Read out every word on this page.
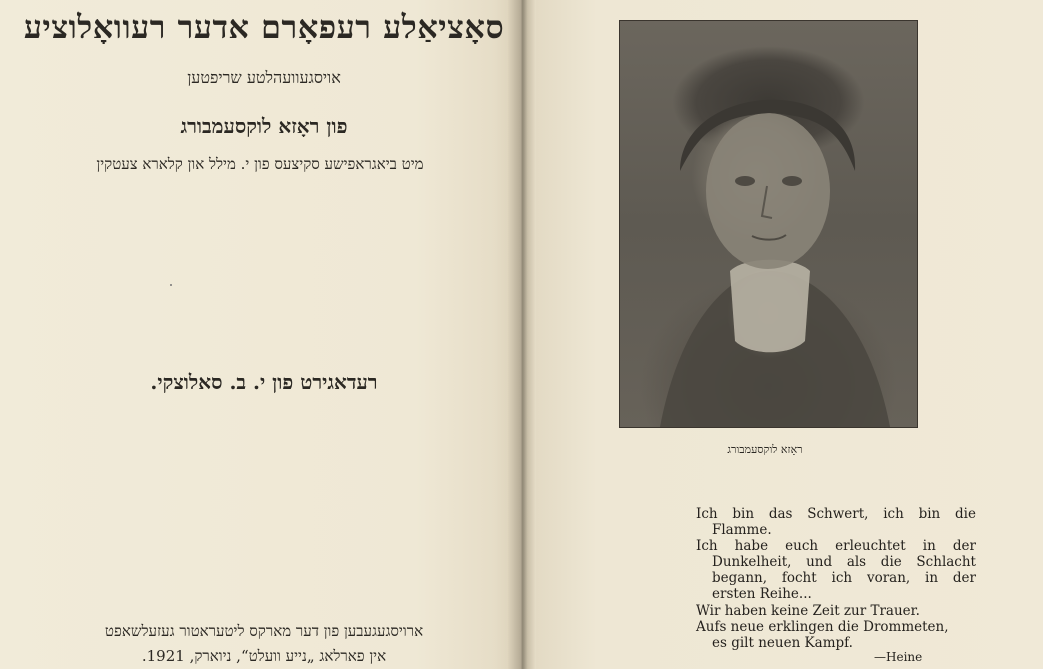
סאָציאַלע רעפאָרם אדער רעוואָלוציע
אויסגעוועהלטע שריפטען
פון ראָזא לוקסעמבורג
מיט ביאגראפישע סקיצעס פון י. מילל און קלארא צעטקין
רעדאגירט פון י. ב. סאלוצקי.
ארויסגעגעבען פון דער מארקס ליטעראטור געזעלשאפט
אין פארלאג „נייע וועלט“, ניוארק, 1921.
ראָזא לוקסעמבורג
Ich bin das Schwert, ich bin die
Flamme.
Ich habe euch erleuchtet in der
Dunkelheit, und als die Schlacht
begann, focht ich voran, in der
ersten Reihe...
Wir haben keine Zeit zur Trauer.
Aufs neue erklingen die Drommeten,
es gilt neuen Kampf.
—Heine
